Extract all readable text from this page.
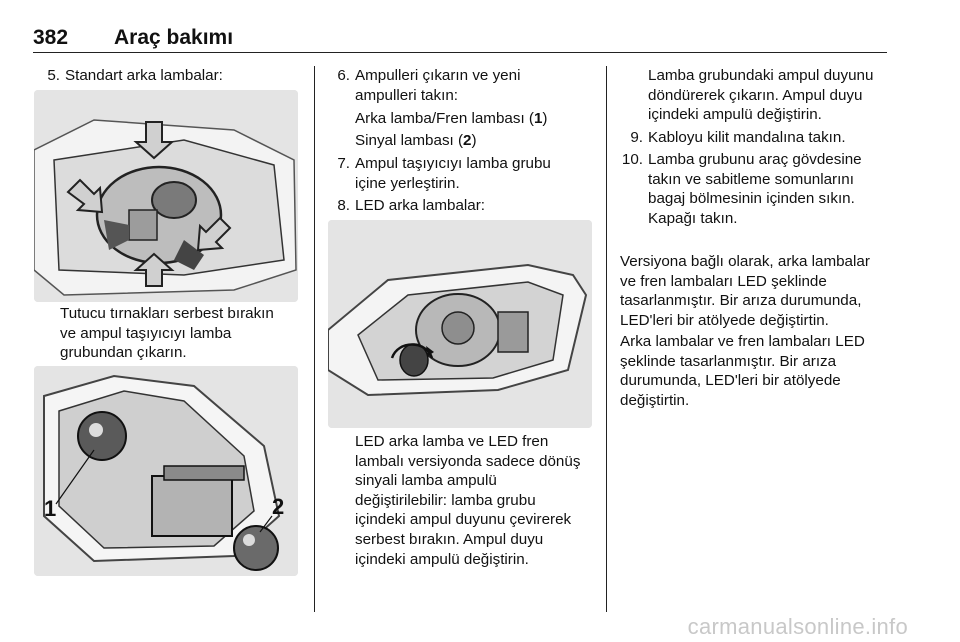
382 Araç bakımı
5. Standart arka lambalar:
Tutucu tırnakları serbest bırakın
ve ampul taşıyıcıyı lamba
grubundan çıkarın.
1	2
6. Ampulleri çıkarın ve yeni
ampulleri takın:
Arka lamba/Fren lambası (1)
Sinyal lambası (2)
7. Ampul taşıyıcıyı lamba grubu
içine yerleştirin.
8. LED arka lambalar:
LED arka lamba ve LED fren
lambalı versiyonda sadece dönüş
sinyali lamba ampulü
değiştirilebilir: lamba grubu
içindeki ampul duyunu çevirerek
serbest bırakın. Ampul duyu
içindeki ampulü değiştirin.
Lamba grubundaki ampul duyunu
döndürerek çıkarın. Ampul duyu
içindeki ampulü değiştirin.
9. Kabloyu kilit mandalına takın.
10. Lamba grubunu araç gövdesine
takın ve sabitleme somunlarını
bagaj bölmesinin içinden sıkın.
Kapağı takın.
Versiyona bağlı olarak, arka lambalar
ve fren lambaları LED şeklinde
tasarlanmıştır. Bir arıza durumunda,
LED'leri bir atölyede değiştirtin.
Arka lambalar ve fren lambaları LED
şeklinde tasarlanmıştır. Bir arıza
durumunda, LED'leri bir atölyede
değiştirtin.
carmanualsonline.info
